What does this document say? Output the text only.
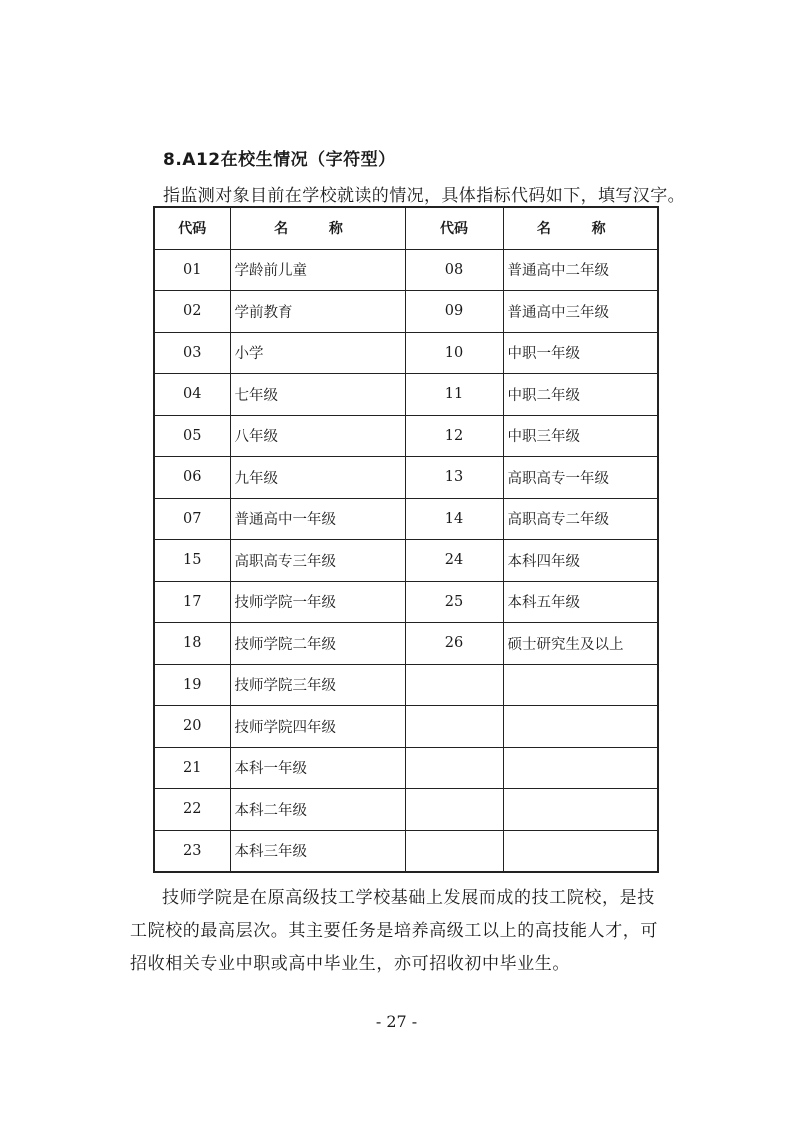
8.A12在校生情况（字符型）
指监测对象目前在学校就读的情况，具体指标代码如下，填写汉字。
代码	名 称	代码	名 称
01	学龄前儿童	08	普通高中二年级
02	学前教育	09	普通高中三年级
03	小学	10	中职一年级
04	七年级	11	中职二年级
05	八年级	12	中职三年级
06	九年级	13	高职高专一年级
07	普通高中一年级	14	高职高专二年级
15	高职高专三年级	24	本科四年级
17	技师学院一年级	25	本科五年级
18	技师学院二年级	26	硕士研究生及以上
19	技师学院三年级		
20	技师学院四年级		
21	本科一年级		
22	本科二年级		
23	本科三年级		
技师学院是在原高级技工学校基础上发展而成的技工院校，是技工院校的最高层次。其主要任务是培养高级工以上的高技能人才，可招收相关专业中职或高中毕业生，亦可招收初中毕业生。
- 27 -
